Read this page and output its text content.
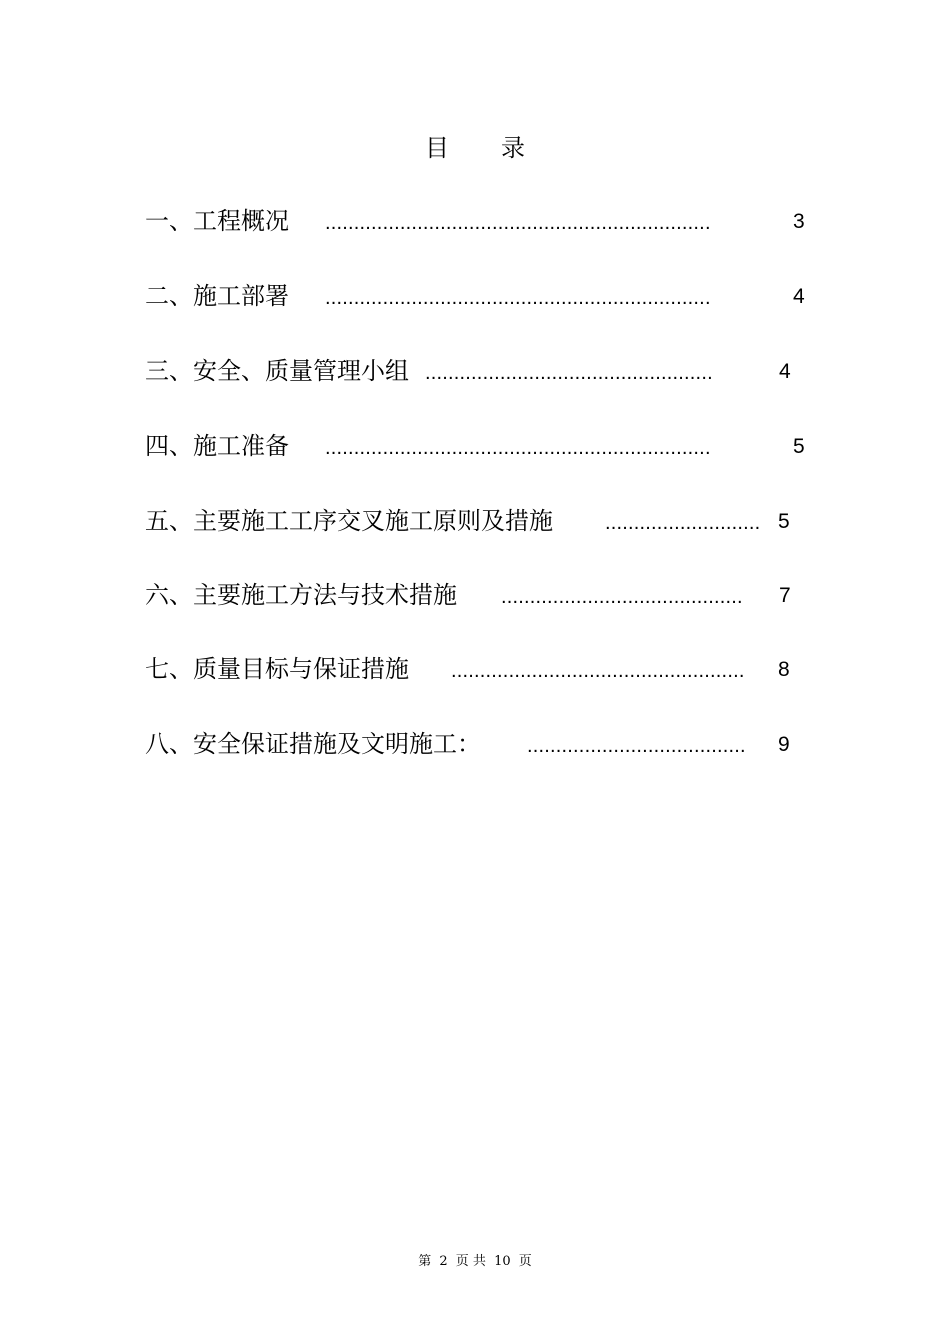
目 录
一、工程概况 ...................................................................	3
二、施工部署 ...................................................................	4
三、安全、质量管理小组 ..................................................	4
四、施工准备 ...................................................................	5
五、主要施工工序交叉施工原则及措施	........................... 5
六、主要施工方法与技术措施 ..........................................	7
七、质量目标与保证措施 ...................................................	8
八、安全保证措施及文明施工： ......................................	9
第 2 页 共 10 页
